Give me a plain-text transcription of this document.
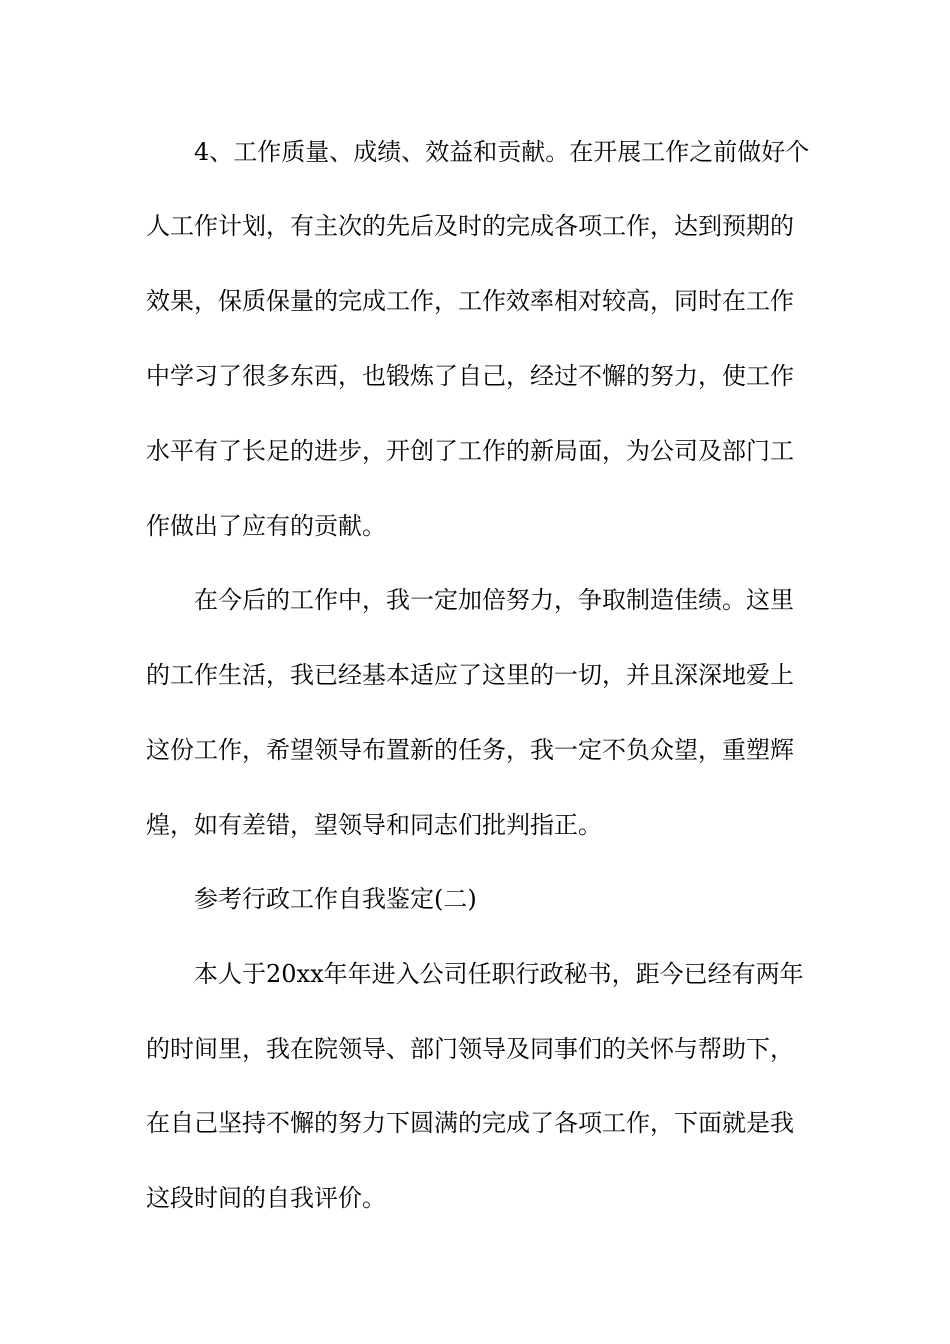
4、工作质量、成绩、效益和贡献。在开展工作之前做好个
人工作计划，有主次的先后及时的完成各项工作，达到预期的
效果，保质保量的完成工作，工作效率相对较高，同时在工作
中学习了很多东西，也锻炼了自己，经过不懈的努力，使工作
水平有了长足的进步，开创了工作的新局面，为公司及部门工
作做出了应有的贡献。
在今后的工作中，我一定加倍努力，争取制造佳绩。这里
的工作生活，我已经基本适应了这里的一切，并且深深地爱上
这份工作，希望领导布置新的任务，我一定不负众望，重塑辉
煌，如有差错，望领导和同志们批判指正。
参考行政工作自我鉴定(二)
本人于20xx年年进入公司任职行政秘书，距今已经有两年
的时间里，我在院领导、部门领导及同事们的关怀与帮助下，
在自己坚持不懈的努力下圆满的完成了各项工作，下面就是我
这段时间的自我评价。
